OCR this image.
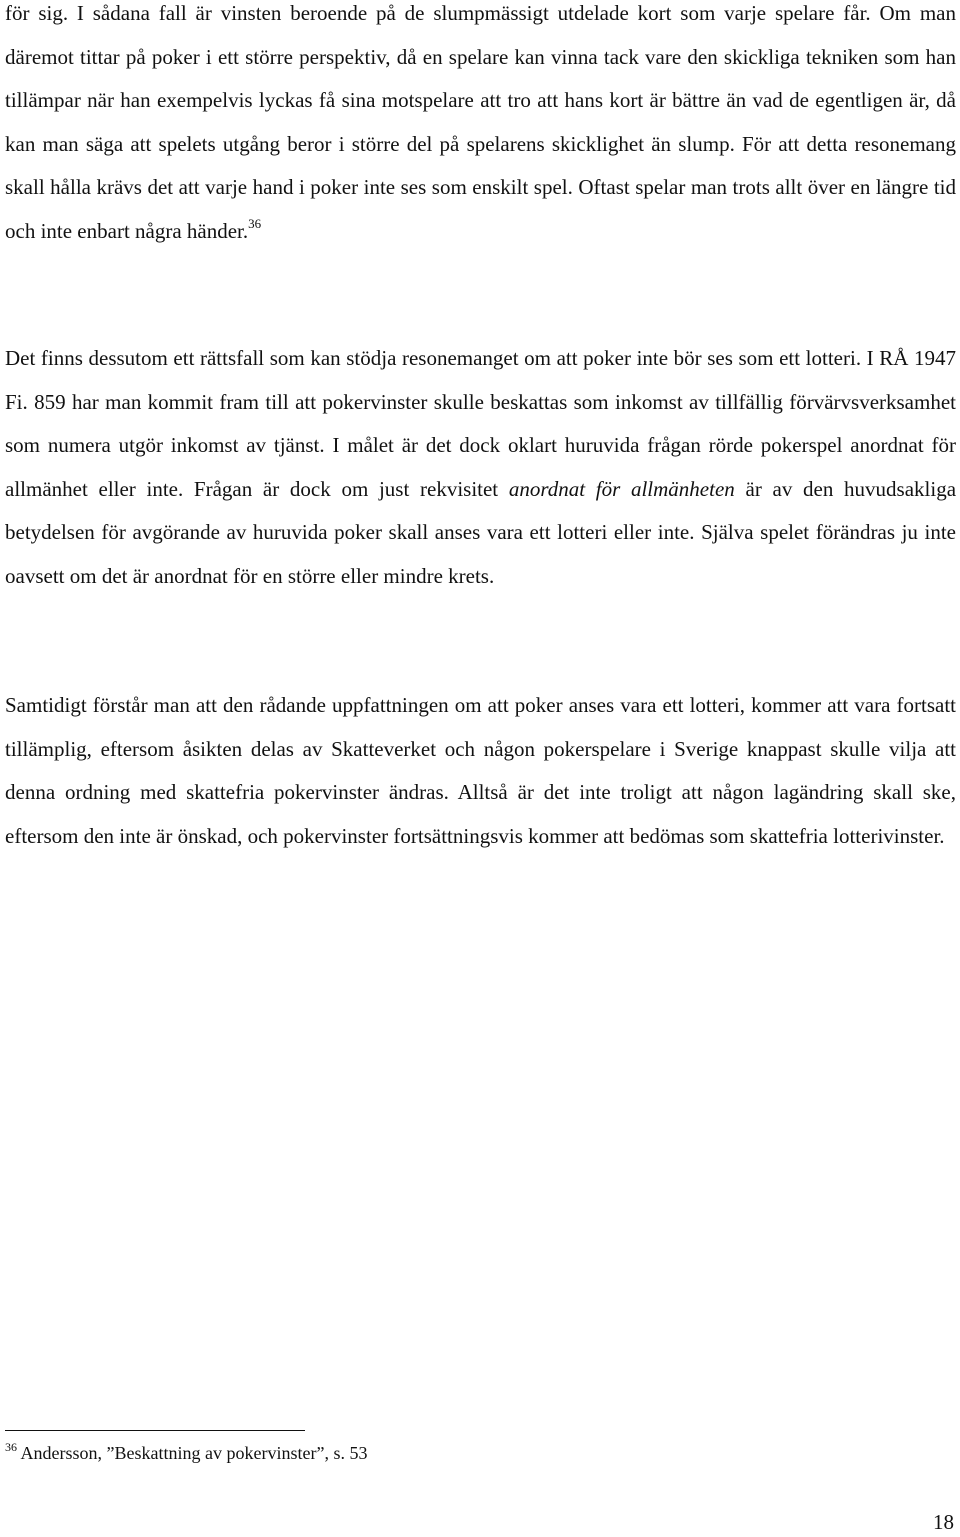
för sig. I sådana fall är vinsten beroende på de slumpmässigt utdelade kort som varje spelare får. Om man däremot tittar på poker i ett större perspektiv, då en spelare kan vinna tack vare den skickliga tekniken som han tillämpar när han exempelvis lyckas få sina motspelare att tro att hans kort är bättre än vad de egentligen är, då kan man säga att spelets utgång beror i större del på spelarens skicklighet än slump. För att detta resonemang skall hålla krävs det att varje hand i poker inte ses som enskilt spel. Oftast spelar man trots allt över en längre tid och inte enbart några händer.$^{36}$

Det finns dessutom ett rättsfall som kan stödja resonemanget om att poker inte bör ses som ett lotteri. I RÅ 1947 Fi. 859 har man kommit fram till att pokervinster skulle beskattas som inkomst av tillfällig förvärvsverksamhet som numera utgör inkomst av tjänst. I målet är det dock oklart huruvida frågan rörde pokerspel anordnat för allmänhet eller inte. Frågan är dock om just rekvisitet anordnat för allmänheten är av den huvudsakliga betydelsen för avgörande av huruvida poker skall anses vara ett lotteri eller inte. Själva spelet förändras ju inte oavsett om det är anordnat för en större eller mindre krets.

Samtidigt förstår man att den rådande uppfattningen om att poker anses vara ett lotteri, kommer att vara fortsatt tillämplig, eftersom åsikten delas av Skatteverket och någon pokerspelare i Sverige knappast skulle vilja att denna ordning med skattefria pokervinster ändras. Alltså är det inte troligt att någon lagändring skall ske, eftersom den inte är önskad, och pokervinster fortsättningsvis kommer att bedömas som skattefria lotterivinster.

$^{36}$ Andersson, ”Beskattning av pokervinster”, s. 53
18
